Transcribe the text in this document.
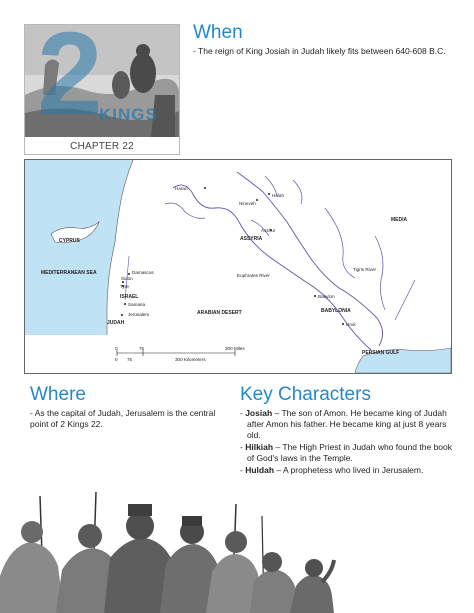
2
KINGS
CHAPTER 22
When
- The reign of King Josiah in Judah likely fits between 640-608 B.C.
Haran
Halah
Nineveh
Asshur
ASSYRIA
MEDIA
CYPRUS
MEDITERRANEAN SEA	Damascus
Sidon
Tyre
ISRAEL
Samaria
Jerusalem
JUDAH
Euphrates River
Tigris River
ARABIAN DESERT
Babylon
BABYLONIA
Uruk
PERSIAN GULF
0	75	300 Miles
0 75	300 Kilometers
Where
- As the capital of Judah, Jerusalem is the central point of 2 Kings 22.
Key Characters
- Josiah – The son of Amon. He became king of Judah after Amon his father. He became king at just 8 years old.
- Hilkiah – The High Priest in Judah who found the book of God's laws in the Temple.
- Huldah – A prophetess who lived in Jerusalem.
